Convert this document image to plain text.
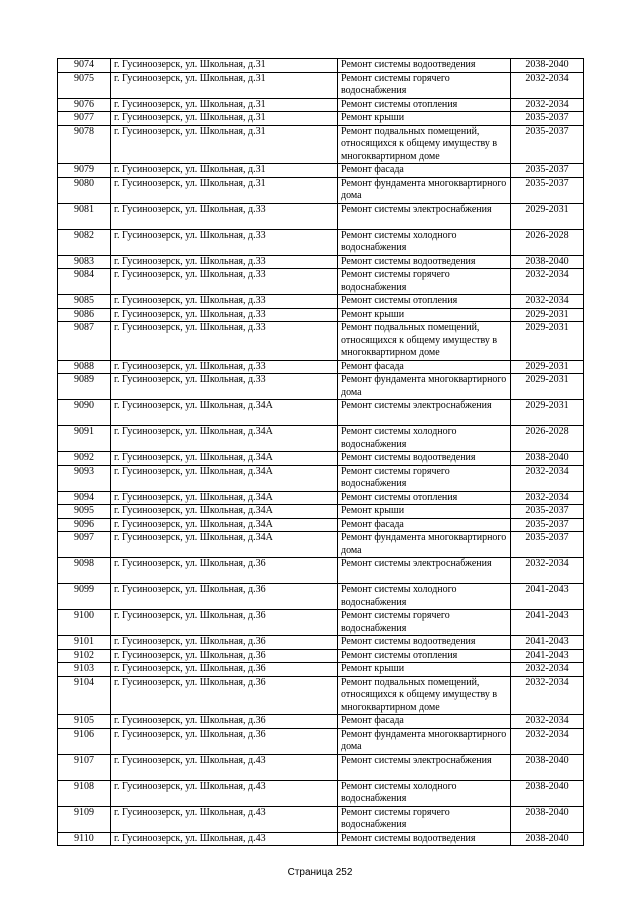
9074	г. Гусиноозерск, ул. Школьная, д.31	Ремонт системы водоотведения	2038-2040
9075	г. Гусиноозерск, ул. Школьная, д.31	Ремонт системы горячего водоснабжения	2032-2034
9076	г. Гусиноозерск, ул. Школьная, д.31	Ремонт системы отопления	2032-2034
9077	г. Гусиноозерск, ул. Школьная, д.31	Ремонт крыши	2035-2037
9078	г. Гусиноозерск, ул. Школьная, д.31	Ремонт подвальных помещений, относящихся к общему имуществу в многоквартирном доме	2035-2037
9079	г. Гусиноозерск, ул. Школьная, д.31	Ремонт фасада	2035-2037
9080	г. Гусиноозерск, ул. Школьная, д.31	Ремонт фундамента многоквартирного дома	2035-2037
9081	г. Гусиноозерск, ул. Школьная, д.33	Ремонт системы электроснабжения	2029-2031
9082	г. Гусиноозерск, ул. Школьная, д.33	Ремонт системы холодного водоснабжения	2026-2028
9083	г. Гусиноозерск, ул. Школьная, д.33	Ремонт системы водоотведения	2038-2040
9084	г. Гусиноозерск, ул. Школьная, д.33	Ремонт системы горячего водоснабжения	2032-2034
9085	г. Гусиноозерск, ул. Школьная, д.33	Ремонт системы отопления	2032-2034
9086	г. Гусиноозерск, ул. Школьная, д.33	Ремонт крыши	2029-2031
9087	г. Гусиноозерск, ул. Школьная, д.33	Ремонт подвальных помещений, относящихся к общему имуществу в многоквартирном доме	2029-2031
9088	г. Гусиноозерск, ул. Школьная, д.33	Ремонт фасада	2029-2031
9089	г. Гусиноозерск, ул. Школьная, д.33	Ремонт фундамента многоквартирного дома	2029-2031
9090	г. Гусиноозерск, ул. Школьная, д.34А	Ремонт системы электроснабжения	2029-2031
9091	г. Гусиноозерск, ул. Школьная, д.34А	Ремонт системы холодного водоснабжения	2026-2028
9092	г. Гусиноозерск, ул. Школьная, д.34А	Ремонт системы водоотведения	2038-2040
9093	г. Гусиноозерск, ул. Школьная, д.34А	Ремонт системы горячего водоснабжения	2032-2034
9094	г. Гусиноозерск, ул. Школьная, д.34А	Ремонт системы отопления	2032-2034
9095	г. Гусиноозерск, ул. Школьная, д.34А	Ремонт крыши	2035-2037
9096	г. Гусиноозерск, ул. Школьная, д.34А	Ремонт фасада	2035-2037
9097	г. Гусиноозерск, ул. Школьная, д.34А	Ремонт фундамента многоквартирного дома	2035-2037
9098	г. Гусиноозерск, ул. Школьная, д.36	Ремонт системы электроснабжения	2032-2034
9099	г. Гусиноозерск, ул. Школьная, д.36	Ремонт системы холодного водоснабжения	2041-2043
9100	г. Гусиноозерск, ул. Школьная, д.36	Ремонт системы горячего водоснабжения	2041-2043
9101	г. Гусиноозерск, ул. Школьная, д.36	Ремонт системы водоотведения	2041-2043
9102	г. Гусиноозерск, ул. Школьная, д.36	Ремонт системы отопления	2041-2043
9103	г. Гусиноозерск, ул. Школьная, д.36	Ремонт крыши	2032-2034
9104	г. Гусиноозерск, ул. Школьная, д.36	Ремонт подвальных помещений, относящихся к общему имуществу в многоквартирном доме	2032-2034
9105	г. Гусиноозерск, ул. Школьная, д.36	Ремонт фасада	2032-2034
9106	г. Гусиноозерск, ул. Школьная, д.36	Ремонт фундамента многоквартирного дома	2032-2034
9107	г. Гусиноозерск, ул. Школьная, д.43	Ремонт системы электроснабжения	2038-2040
9108	г. Гусиноозерск, ул. Школьная, д.43	Ремонт системы холодного водоснабжения	2038-2040
9109	г. Гусиноозерск, ул. Школьная, д.43	Ремонт системы горячего водоснабжения	2038-2040
9110	г. Гусиноозерск, ул. Школьная, д.43	Ремонт системы водоотведения	2038-2040
Страница 252
